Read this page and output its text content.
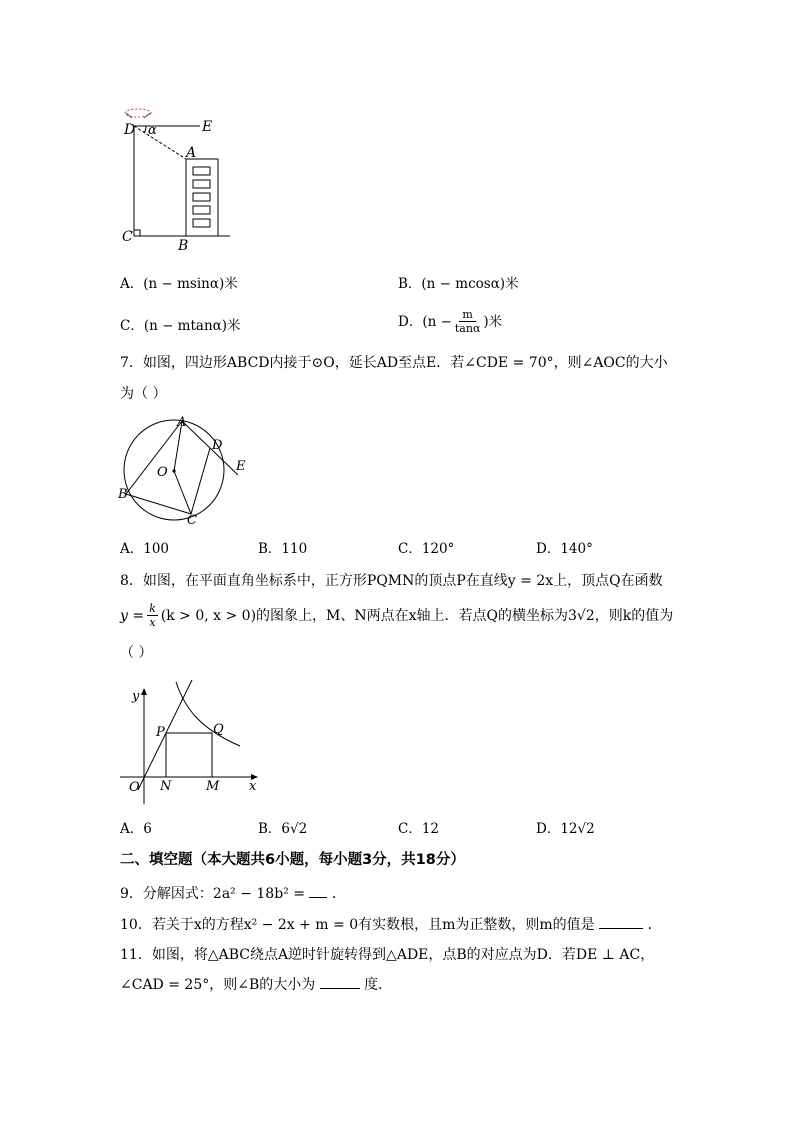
D α	E
A
C
B
A．(n − msinα)米	B．(n − mcosα)米
C．(n − mtanα)米	D．($n - \frac{m}{\tan\alpha}$ )米
7．如图，四边形ABCD内接于⊙O，延长AD至点E．若∠CDE = 70°，则∠AOC的大小
为（ ）
A
D
E
O
B
C
A．100	B．110	C．120°	D．140°
8．如图，在平面直角坐标系中，正方形PQMN的顶点P在直线y = 2x上，顶点Q在函数
$y = \frac{k}{x} (k > 0$, x > 0)的图象上，M、N两点在x轴上．若点Q的横坐标为3√2，则k的值为
（ ）
y
x
O
P	Q
N	M
A．6	B．6√2	C．12	D．12√2
二、填空题（本大题共6小题，每小题3分，共18分）
9．分解因式：2a² − 18b² = ．
10．若关于x的方程x² − 2x + m = 0有实数根，且m为正整数，则m的值是	．
11．如图，将△ABC绕点A逆时针旋转得到△ADE，点B的对应点为D．若DE ⊥ AC，
∠CAD = 25°，则∠B的大小为	度．
